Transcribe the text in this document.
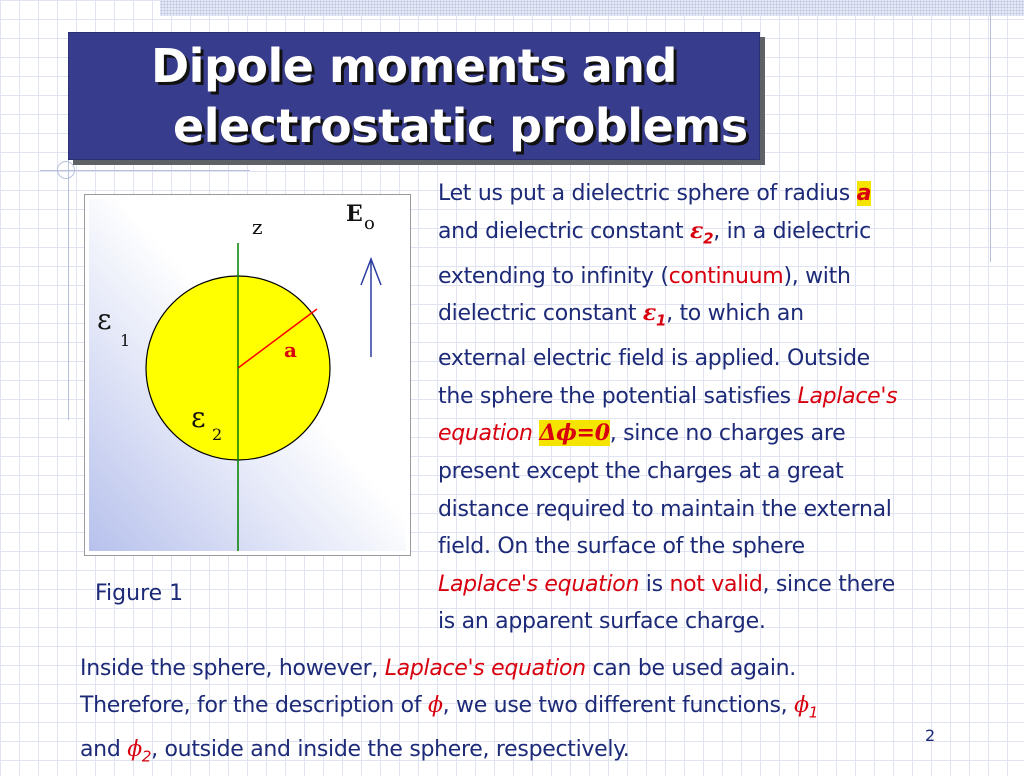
Dipole moments and
electrostatic problems
z	E o
ε
1
ε
2
a
Figure 1
Let us put a dielectric sphere of radius a
and dielectric constant $\varepsilon_2$, in a dielectric
extending to infinity (continuum), with
dielectric constant $\varepsilon_1$, to which an
external electric field is applied. Outside
the sphere the potential satisfies Laplace's
equation Δϕ=0, since no charges are
present except the charges at a great
distance required to maintain the external
field. On the surface of the sphere
Laplace's equation is not valid, since there
is an apparent surface charge.
Inside the sphere, however, Laplace's equation can be used again.
Therefore, for the description of ϕ, we use two different functions, $\phi_1$
and $\phi_2$, outside and inside the sphere, respectively.
2
